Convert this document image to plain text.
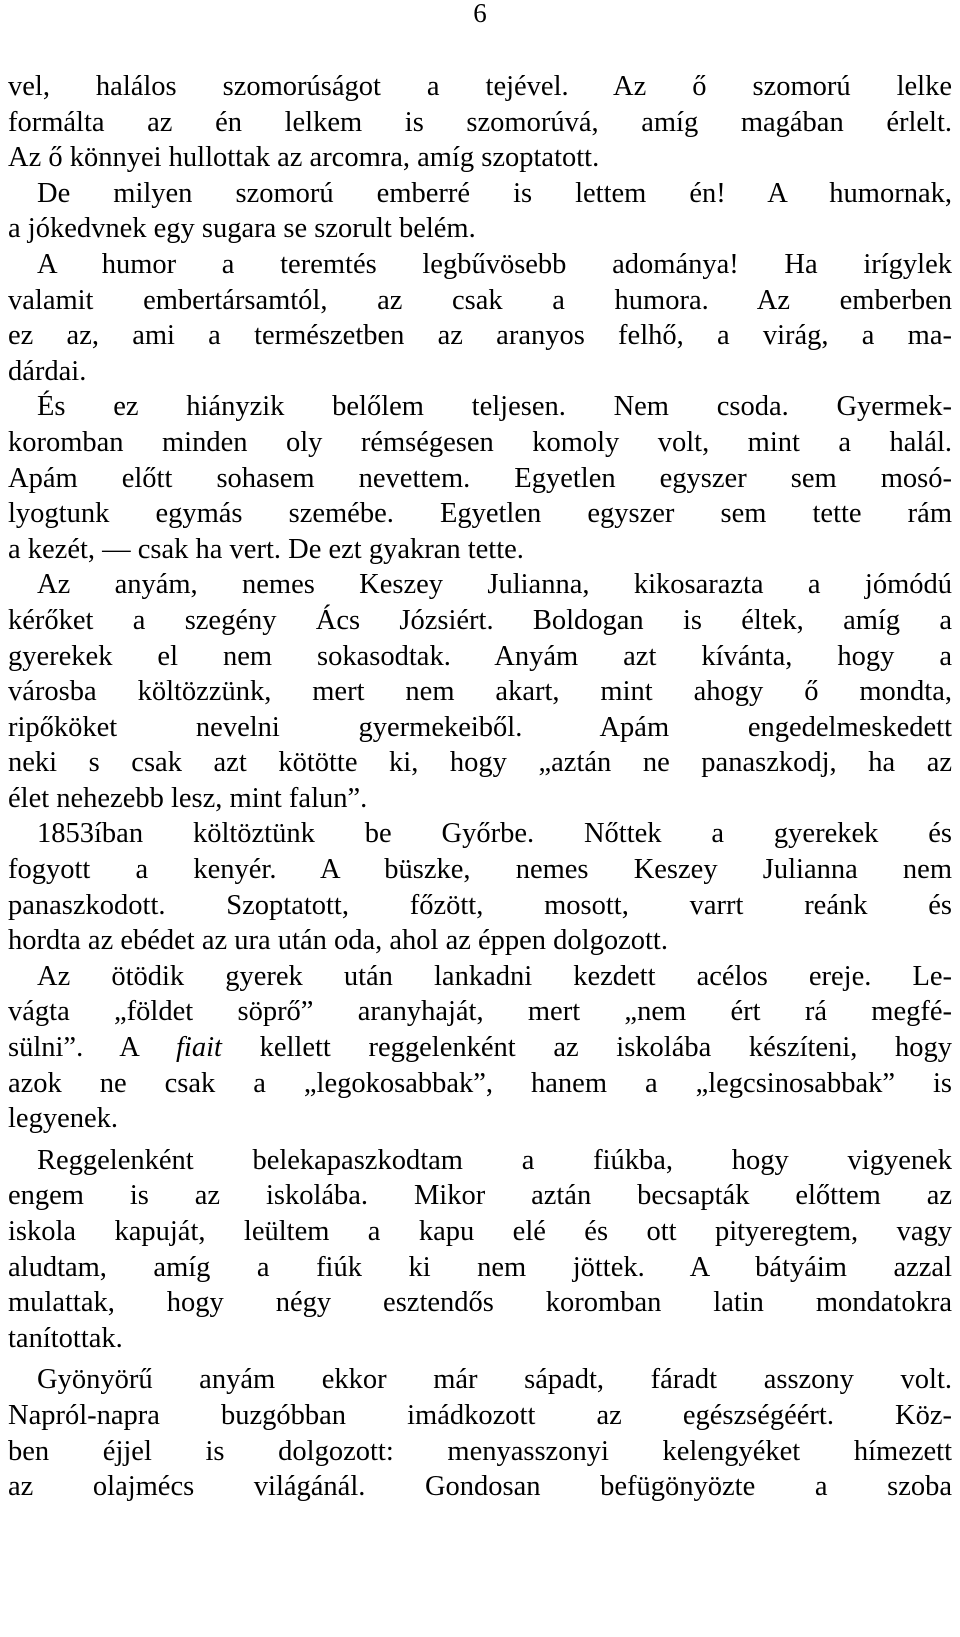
6
vel, halálos szomorúságot a tejével. Az ő szomorú lelke
formálta az én lelkem is szomorúvá, amíg magában érlelt.
Az ő könnyei hullottak az arcomra, amíg szoptatott.
De milyen szomorú emberré is lettem én! A humornak,
a jókedvnek egy sugara se szorult belém.
A humor a teremtés legbűvösebb adománya! Ha irígylek
valamit embertársamtól, az csak a humora. Az emberben
ez az, ami a természetben az aranyos felhő, a virág, a ma-
dárdai.
És ez hiányzik belőlem teljesen. Nem csoda. Gyermek-
koromban minden oly rémségesen komoly volt, mint a halál.
Apám előtt sohasem nevettem. Egyetlen egyszer sem mosó-
lyogtunk egymás szemébe. Egyetlen egyszer sem tette rám
a kezét, — csak ha vert. De ezt gyakran tette.
Az anyám, nemes Keszey Julianna, kikosarazta a jómódú
kérőket a szegény Ács Józsiért. Boldogan is éltek, amíg a
gyerekek el nem sokasodtak. Anyám azt kívánta, hogy a
városba költözzünk, mert nem akart, mint ahogy ő mondta,
ripőköket nevelni gyermekeiből. Apám engedelmeskedett
neki s csak azt kötötte ki, hogy „aztán ne panaszkodj, ha az
élet nehezebb lesz, mint falun”.
1853íban költöztünk be Győrbe. Nőttek a gyerekek és
fogyott a kenyér. A büszke, nemes Keszey Julianna nem
panaszkodott. Szoptatott, főzött, mosott, varrt reánk és
hordta az ebédet az ura után oda, ahol az éppen dolgozott.
Az ötödik gyerek után lankadni kezdett acélos ereje. Le-
vágta „földet söprő” aranyhaját, mert „nem ért rá megfé-
sülni”. A fiait kellett reggelenként az iskolába készíteni, hogy
azok ne csak a „legokosabbak”, hanem a „legcsinosabbak” is
legyenek.
Reggelenként belekapaszkodtam a fiúkba, hogy vigyenek
engem is az iskolába. Mikor aztán becsapták előttem az
iskola kapuját, leültem a kapu elé és ott pityeregtem, vagy
aludtam, amíg a fiúk ki nem jöttek. A bátyáim azzal
mulattak, hogy négy esztendős koromban latin mondatokra
tanítottak.
Gyönyörű anyám ekkor már sápadt, fáradt asszony volt.
Napról-napra buzgóbban imádkozott az egészségéért. Köz-
ben éjjel is dolgozott: menyasszonyi kelengyéket hímezett
az olajmécs világánál. Gondosan befügönyözte a szoba
